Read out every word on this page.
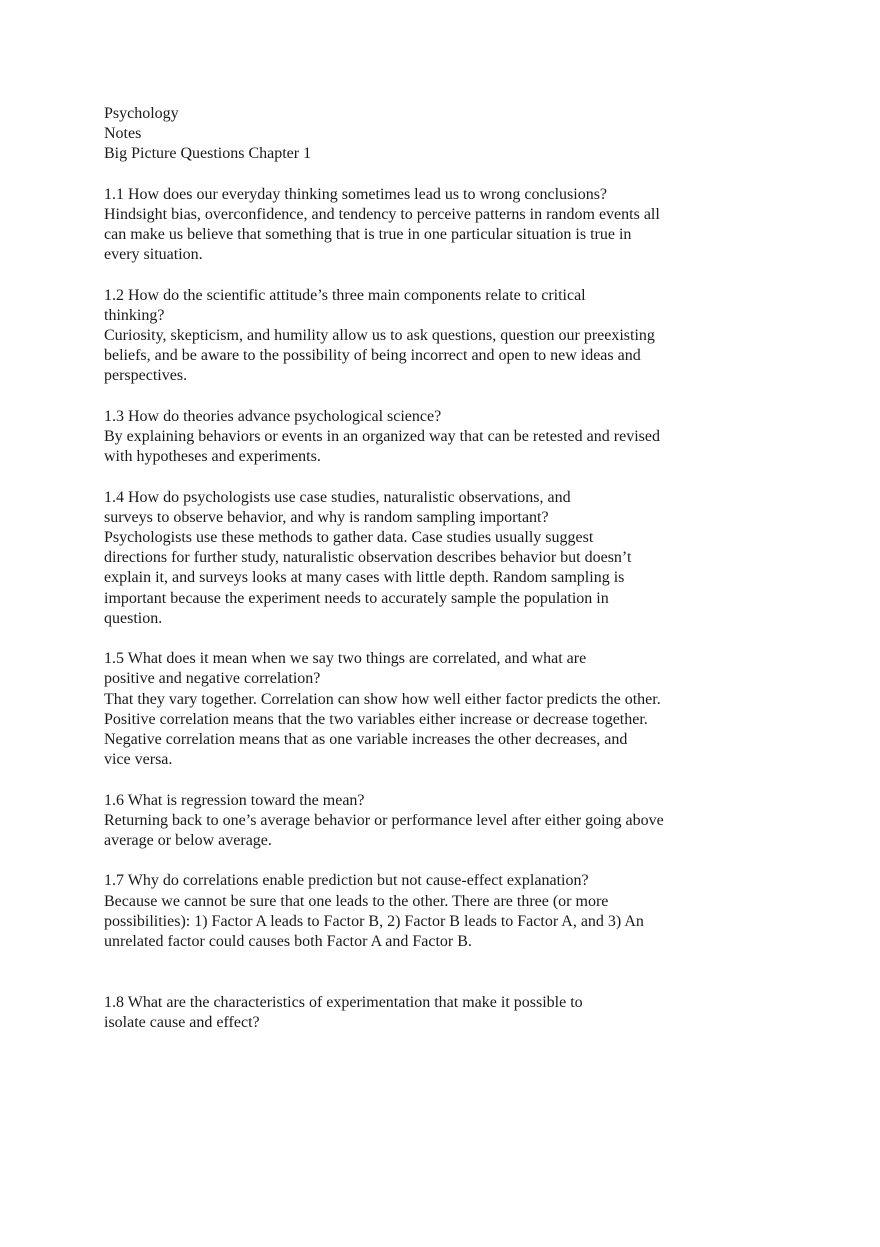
Psychology
Notes
Big Picture Questions Chapter 1
1.1 How does our everyday thinking sometimes lead us to wrong conclusions?
Hindsight bias, overconfidence, and tendency to perceive patterns in random events all
can make us believe that something that is true in one particular situation is true in
every situation.
1.2 How do the scientific attitude’s three main components relate to critical
thinking?
Curiosity, skepticism, and humility allow us to ask questions, question our preexisting
beliefs, and be aware to the possibility of being incorrect and open to new ideas and
perspectives.
1.3 How do theories advance psychological science?
By explaining behaviors or events in an organized way that can be retested and revised
with hypotheses and experiments.
1.4 How do psychologists use case studies, naturalistic observations, and
surveys to observe behavior, and why is random sampling important?
Psychologists use these methods to gather data. Case studies usually suggest
directions for further study, naturalistic observation describes behavior but doesn’t
explain it, and surveys looks at many cases with little depth. Random sampling is
important because the experiment needs to accurately sample the population in
question.
1.5 What does it mean when we say two things are correlated, and what are
positive and negative correlation?
That they vary together. Correlation can show how well either factor predicts the other.
Positive correlation means that the two variables either increase or decrease together.
Negative correlation means that as one variable increases the other decreases, and
vice versa.
1.6 What is regression toward the mean?
Returning back to one’s average behavior or performance level after either going above
average or below average.
1.7 Why do correlations enable prediction but not cause-effect explanation?
Because we cannot be sure that one leads to the other. There are three (or more
possibilities): 1) Factor A leads to Factor B, 2) Factor B leads to Factor A, and 3) An
unrelated factor could causes both Factor A and Factor B.
1.8 What are the characteristics of experimentation that make it possible to
isolate cause and effect?
